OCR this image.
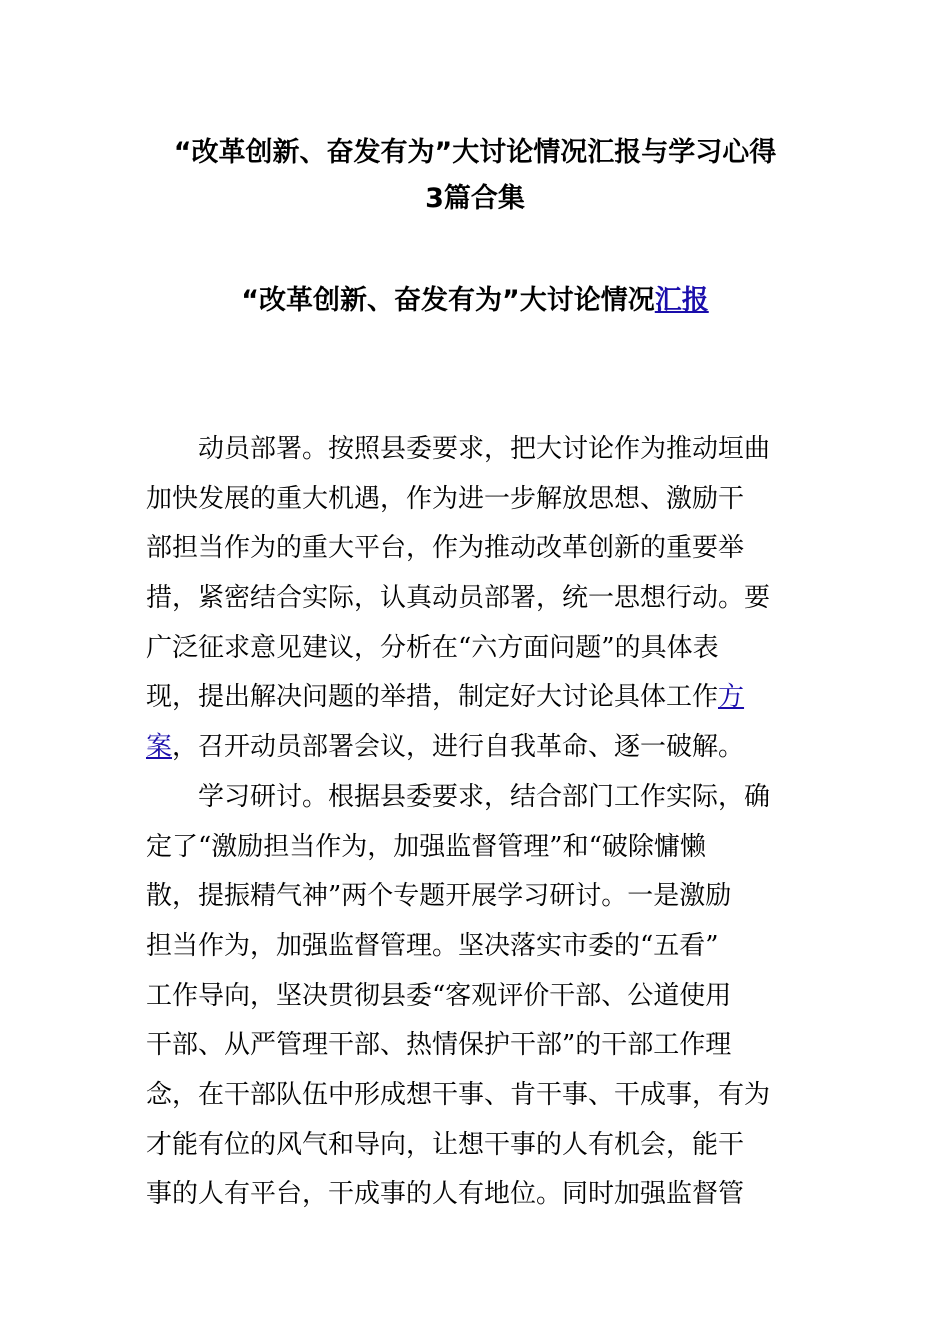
“改革创新、奋发有为”大讨论情况汇报与学习心得
3篇合集
“改革创新、奋发有为”大讨论情况汇报
动员部署。按照县委要求，把大讨论作为推动垣曲
加快发展的重大机遇，作为进一步解放思想、激励干
部担当作为的重大平台，作为推动改革创新的重要举
措，紧密结合实际，认真动员部署，统一思想行动。要
广泛征求意见建议，分析在“六方面问题”的具体表
现，提出解决问题的举措，制定好大讨论具体工作方
案，召开动员部署会议，进行自我革命、逐一破解。
学习研讨。根据县委要求，结合部门工作实际，确
定了“激励担当作为，加强监督管理”和“破除慵懒
散，提振精气神”两个专题开展学习研讨。一是激励
担当作为，加强监督管理。坚决落实市委的“五看”
工作导向，坚决贯彻县委“客观评价干部、公道使用
干部、从严管理干部、热情保护干部”的干部工作理
念，在干部队伍中形成想干事、肯干事、干成事，有为
才能有位的风气和导向，让想干事的人有机会，能干
事的人有平台，干成事的人有地位。同时加强监督管
